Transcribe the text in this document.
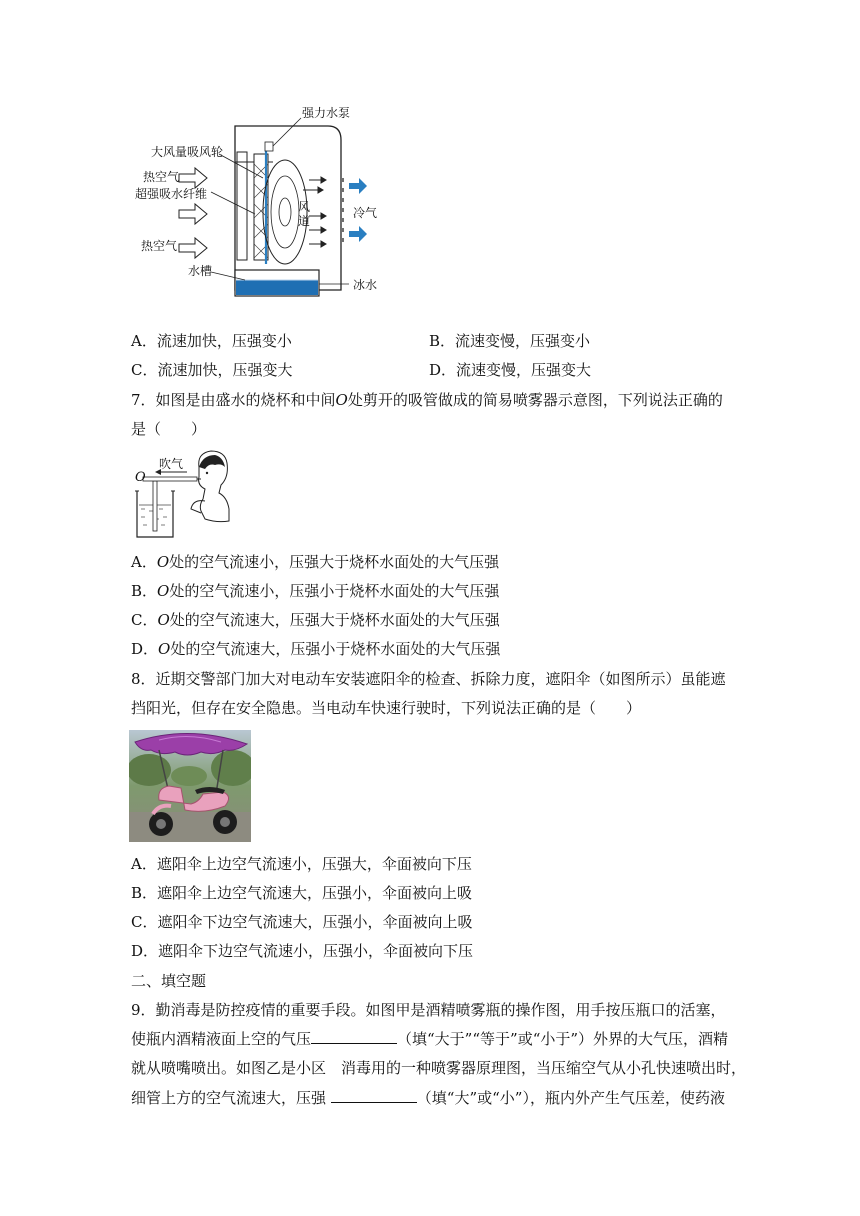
强力水泵
大风量吸风轮
热空气
超强吸水纤维
热空气
风
道
冷气
水槽
冰水
A．流速加快，压强变小	B．流速变慢，压强变小
C．流速加快，压强变大	D．流速变慢，压强变大
7．如图是由盛水的烧杯和中间O处剪开的吸管做成的简易喷雾器示意图，下列说法正确的
是（　　）
吹气
O
A．O处的空气流速小，压强大于烧杯水面处的大气压强
B．O处的空气流速小，压强小于烧杯水面处的大气压强
C．O处的空气流速大，压强大于烧杯水面处的大气压强
D．O处的空气流速大，压强小于烧杯水面处的大气压强
8．近期交警部门加大对电动车安装遮阳伞的检查、拆除力度，遮阳伞（如图所示）虽能遮
挡阳光，但存在安全隐患。当电动车快速行驶时，下列说法正确的是（　　）
A．遮阳伞上边空气流速小，压强大，伞面被向下压
B．遮阳伞上边空气流速大，压强小，伞面被向上吸
C．遮阳伞下边空气流速大，压强小，伞面被向上吸
D．遮阳伞下边空气流速小，压强小，伞面被向下压
二、填空题
9．勤消毒是防控疫情的重要手段。如图甲是酒精喷雾瓶的操作图，用手按压瓶口的活塞，
使瓶内酒精液面上空的气压	（填“大于”“等于”或“小于”）外界的大气压，酒精
就从喷嘴喷出。如图乙是小区　消毒用的一种喷雾器原理图，当压缩空气从小孔快速喷出时，
细管上方的空气流速大，压强	（填“大”或“小”），瓶内外产生气压差，使药液
